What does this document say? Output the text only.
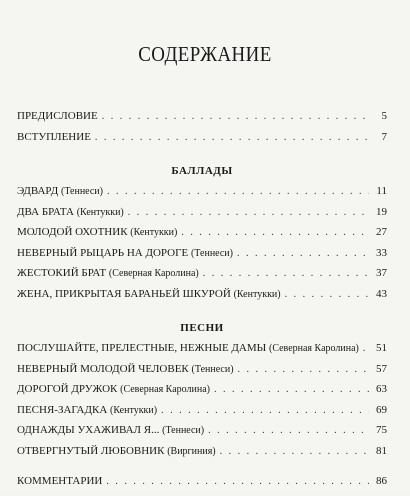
СОДЕРЖАНИЕ
ПРЕДИСЛОВИЕ . . .	5
ВСТУПЛЕНИЕ . . .	7
БАЛЛАДЫ
ЭДВАРД (Теннеси) . . .	11
ДВА БРАТА (Кентукки) . . .	19
МОЛОДОЙ ОХОТНИК (Кентукки) . . .	27
НЕВЕРНЫЙ РЫЦАРЬ НА ДОРОГЕ (Теннеси) . . .	33
ЖЕСТОКИЙ БРАТ (Северная Каролина) . . .	37
ЖЕНА, ПРИКРЫТАЯ БАРАНЬЕЙ ШКУРОЙ (Кентукки) . . .	43
ПЕСНИ
ПОСЛУШАЙТЕ, ПРЕЛЕСТНЫЕ, НЕЖНЫЕ ДАМЫ (Северная Каролина) . . . 51
НЕВЕРНЫЙ МОЛОДОЙ ЧЕЛОВЕК (Теннеси) . . .	57
ДОРОГОЙ ДРУЖОК (Северная Каролина) . . .	63
ПЕСНЯ-ЗАГАДКА (Кентукки) . . .	69
ОДНАЖДЫ УХАЖИВАЛ Я... (Теннеси) . . .	75
ОТВЕРГНУТЫЙ ЛЮБОВНИК (Виргиния) . . .	81
КОММЕНТАРИИ . . .	86
